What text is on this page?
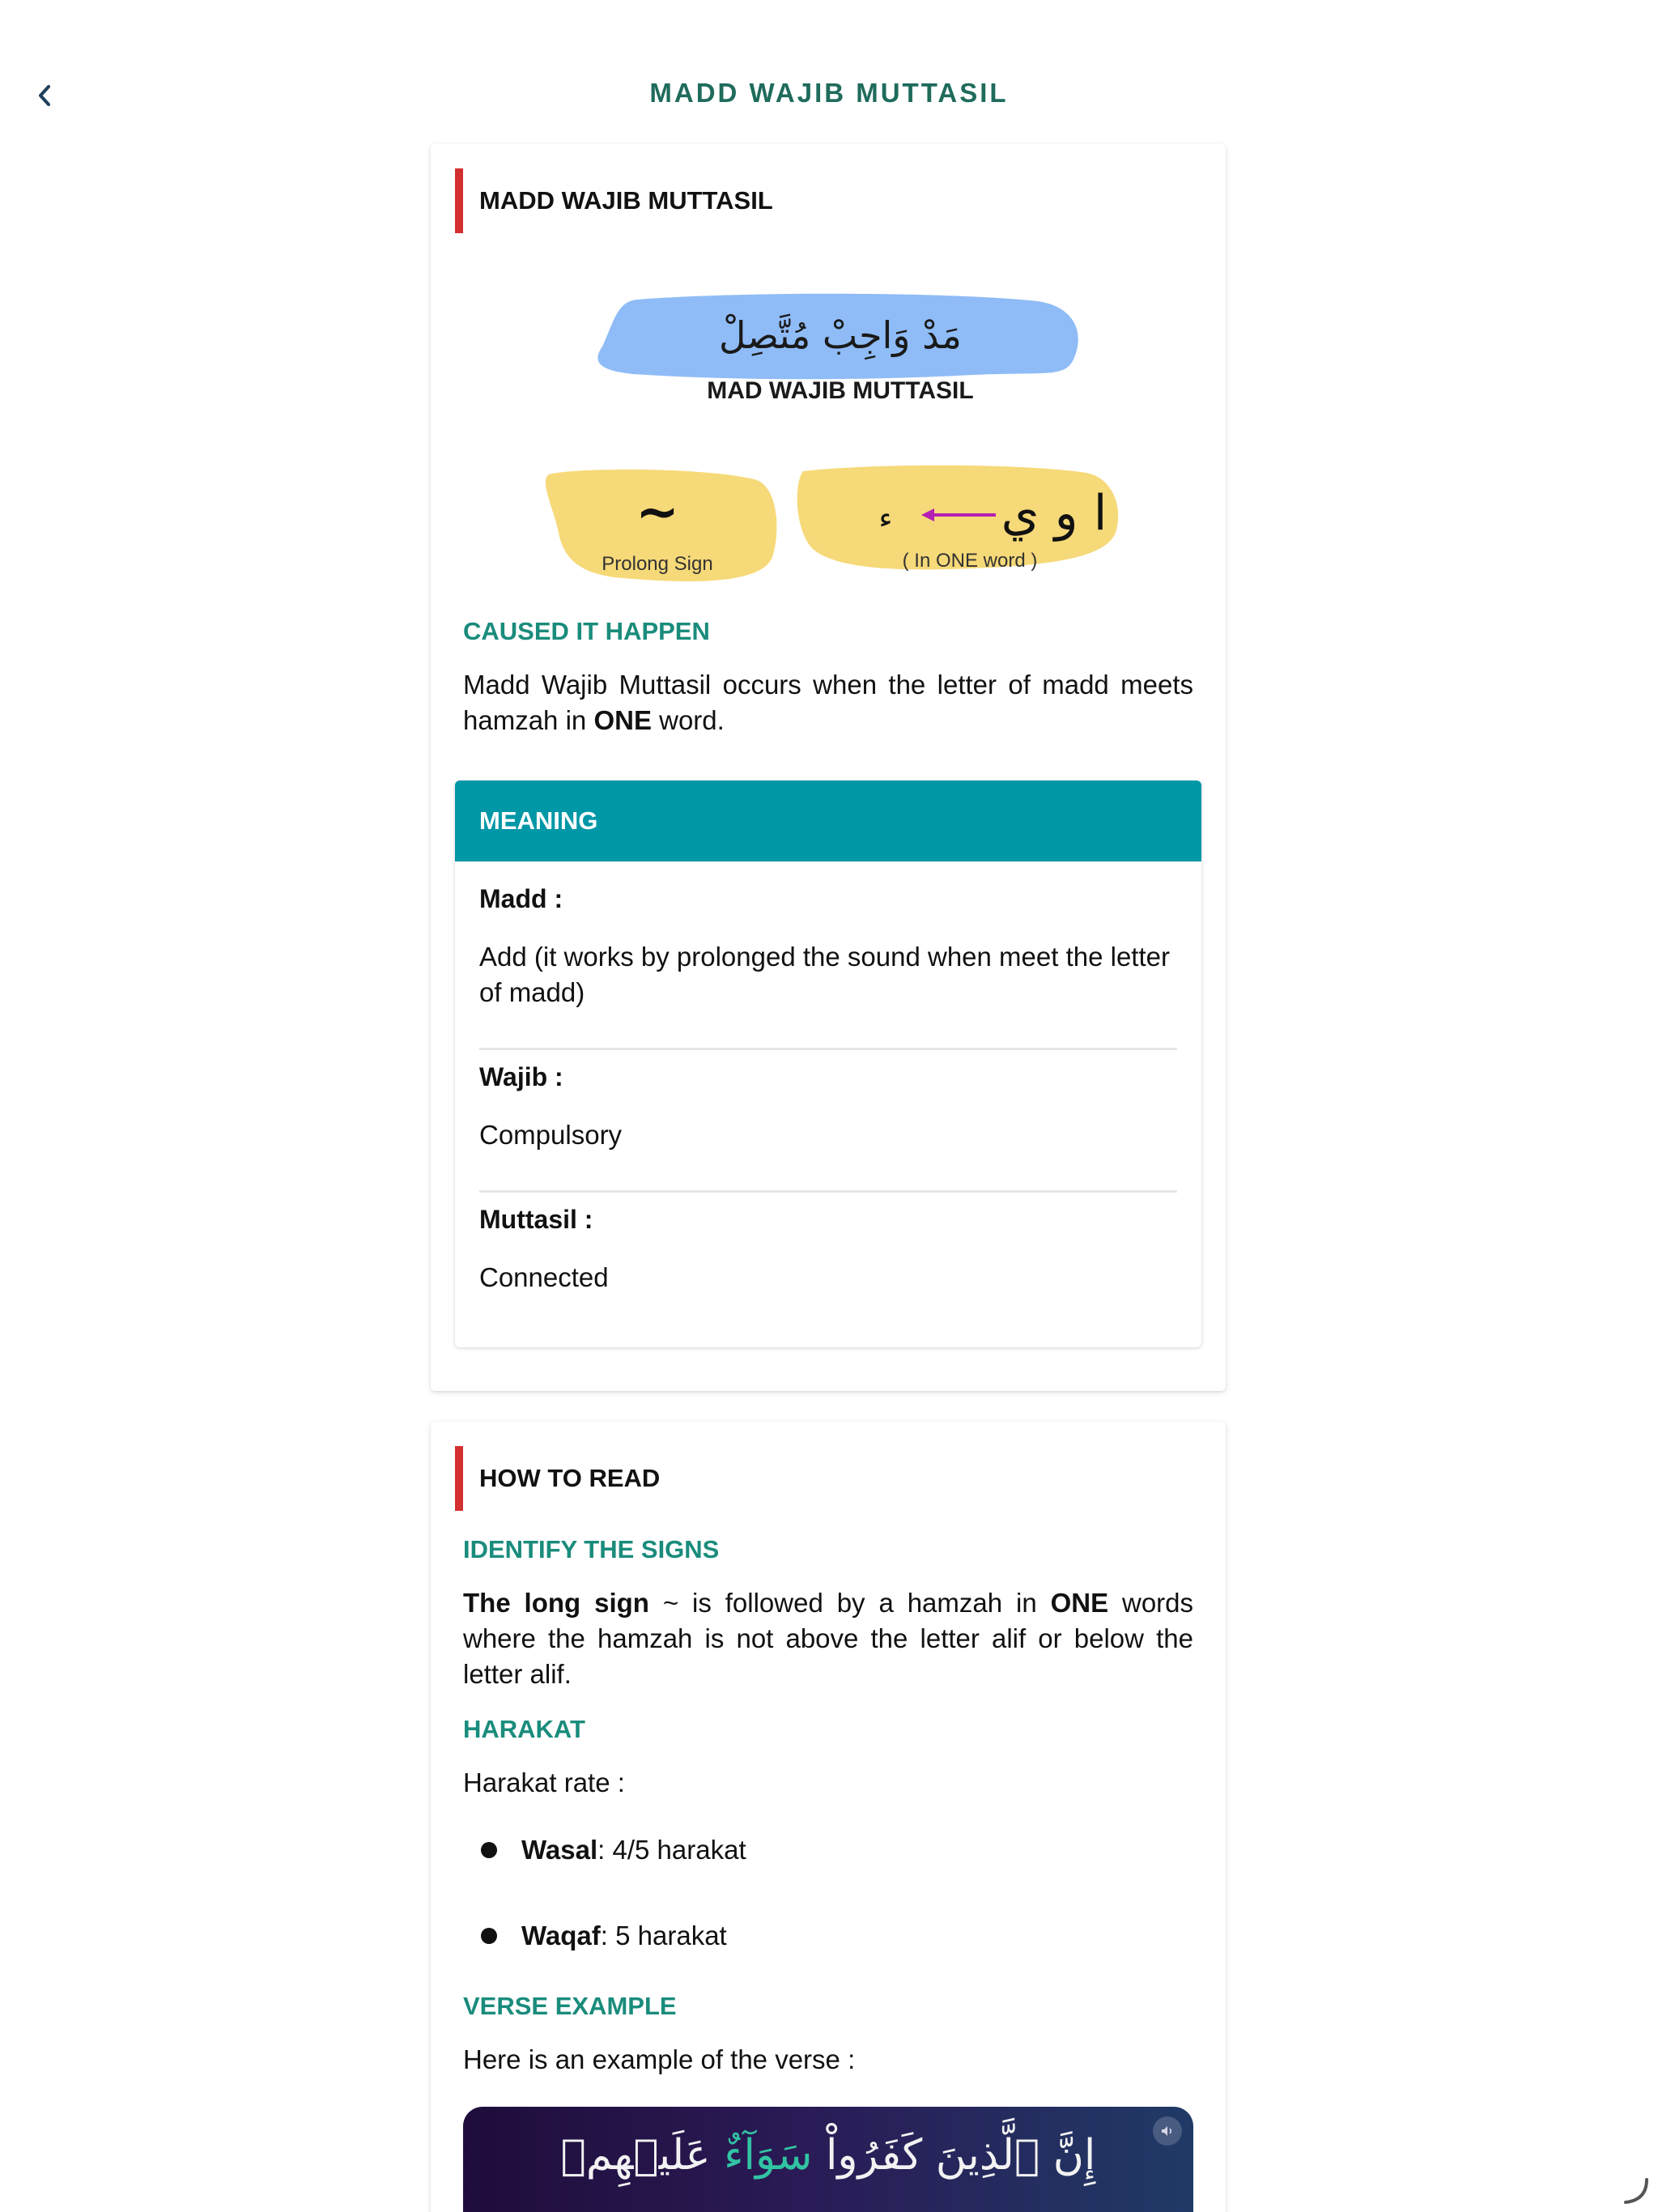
MADD WAJIB MUTTASIL
MADD WAJIB MUTTASIL
مَدْ وَاجِبْ مُتَّصِلْ
MAD WAJIB MUTTASIL
~
Prolong Sign
ا و ي
ء
( In ONE word )
CAUSED IT HAPPEN
Madd Wajib Muttasil occurs when the letter of madd meets hamzah in ONE word.
MEANING
Madd :
Add (it works by prolonged the sound when meet the letter of madd)
Wajib :
Compulsory
Muttasil :
Connected
HOW TO READ
IDENTIFY THE SIGNS
The long sign ~ is followed by a hamzah in ONE words where the hamzah is not above the letter alif or below the letter alif.
HARAKAT
Harakat rate :
Wasal : 4/5 harakat
Waqaf : 5 harakat
VERSE EXAMPLE
Here is an example of the verse :
إِنَّ ٱلَّذِينَ كَفَرُواْ سَوَآءٌ عَلَيۡهِمۡ
